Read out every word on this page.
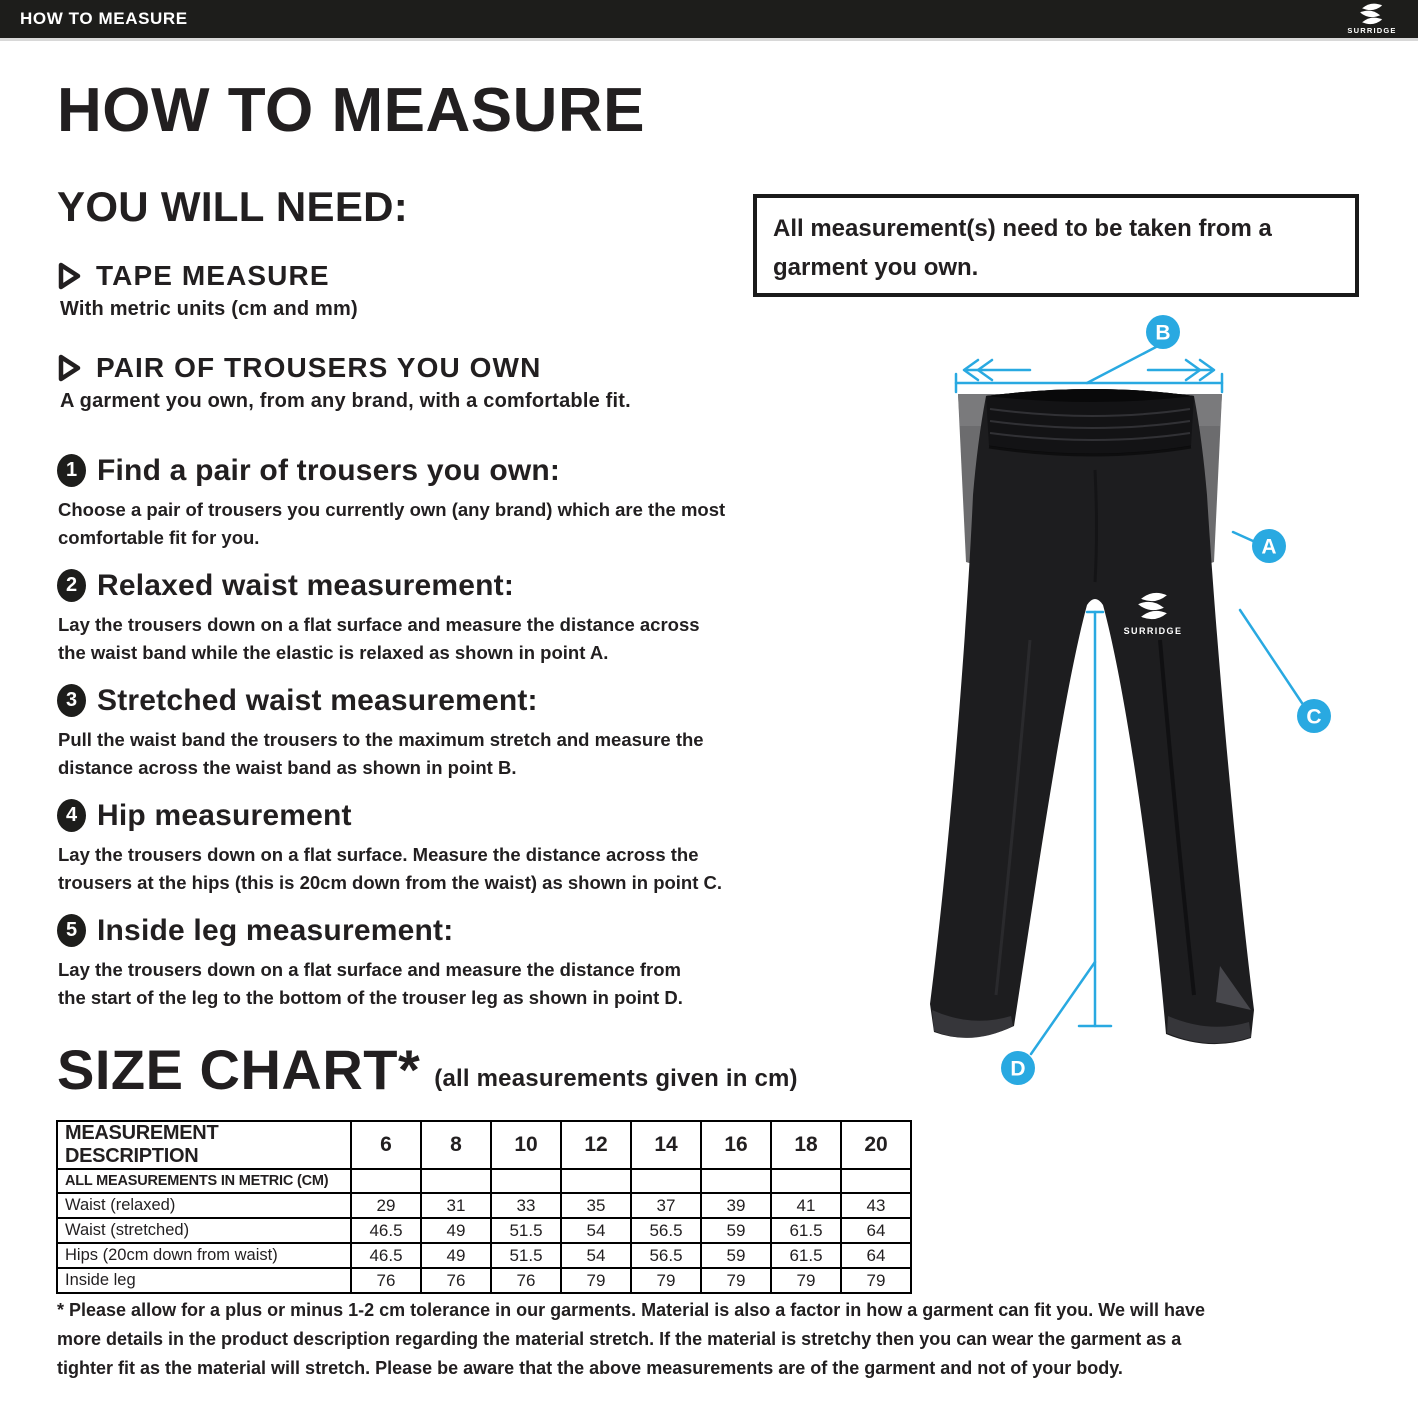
HOW TO MEASURE
SURRIDGE
HOW TO MEASURE
YOU WILL NEED:
TAPE MEASURE
With metric units (cm and mm)
PAIR OF TROUSERS YOU OWN
A garment you own, from any brand, with a comfortable fit.
All measurement(s) need to be taken from a
garment you own.
1 Find a pair of trousers you own:
Choose a pair of trousers you currently own (any brand) which are the most
comfortable fit for you.
2 Relaxed waist measurement:
Lay the trousers down on a flat surface and measure the distance across
the waist band while the elastic is relaxed as shown in point A.
3 Stretched waist measurement:
Pull the waist band the trousers to the maximum stretch and measure the
distance across the waist band as shown in point B.
4 Hip measurement
Lay the trousers down on a flat surface. Measure the distance across the
trousers at the hips (this is 20cm down from the waist) as shown in point C.
5 Inside leg measurement:
Lay the trousers down on a flat surface and measure the distance from
the start of the leg to the bottom of the trouser leg as shown in point D.
SURRIDGE
B
A
C
D
SIZE CHART* (all measurements given in cm)
MEASUREMENT DESCRIPTION	6	8	10	12	14	16	18	20
ALL MEASUREMENTS IN METRIC (CM)								
Waist (relaxed)	29	31	33	35	37	39	41	43
Waist (stretched)	46.5	49	51.5	54	56.5	59	61.5	64
Hips (20cm down from waist)	46.5	49	51.5	54	56.5	59	61.5	64
Inside leg	76	76	76	79	79	79	79	79
* Please allow for a plus or minus 1-2 cm tolerance in our garments. Material is also a factor in how a garment can fit you. We will have
more details in the product description regarding the material stretch. If the material is stretchy then you can wear the garment as a
tighter fit as the material will stretch. Please be aware that the above measurements are of the garment and not of your body.
